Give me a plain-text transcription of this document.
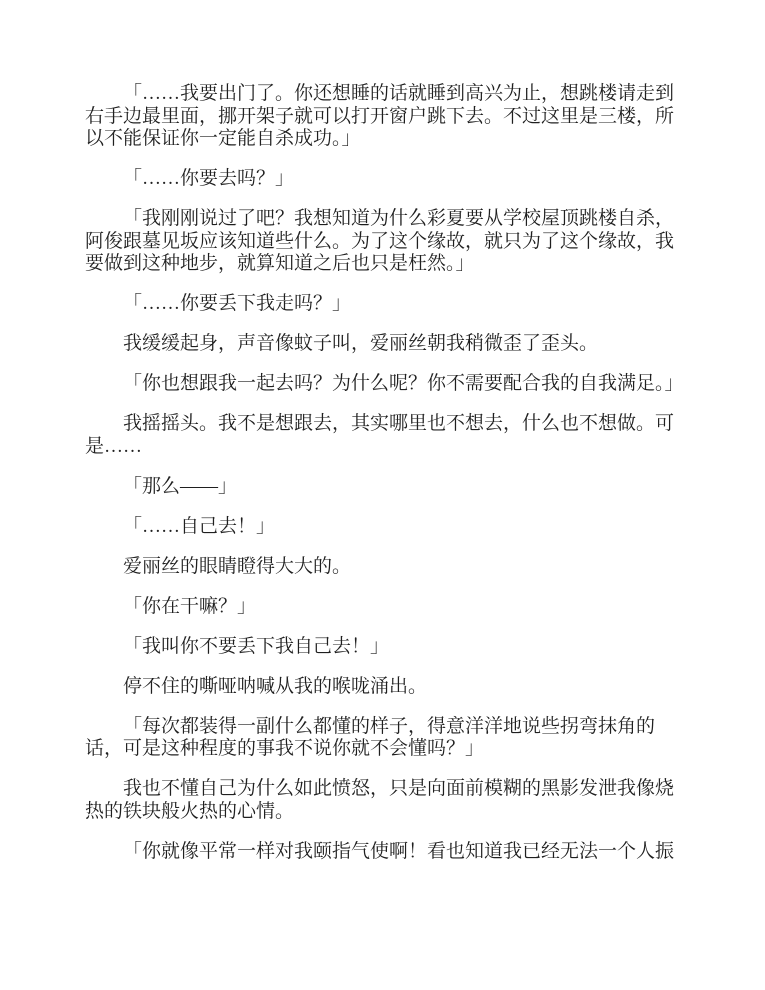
「……我要出门了。你还想睡的话就睡到高兴为止，想跳楼请走到右手边最里面，挪开架子就可以打开窗户跳下去。不过这里是三楼，所以不能保证你一定能自杀成功。」

「……你要去吗？」

「我刚刚说过了吧？我想知道为什么彩夏要从学校屋顶跳楼自杀，阿俊跟墓见坂应该知道些什么。为了这个缘故，就只为了这个缘故，我要做到这种地步，就算知道之后也只是枉然。」

「……你要丢下我走吗？」

我缓缓起身，声音像蚊子叫，爱丽丝朝我稍微歪了歪头。

「你也想跟我一起去吗？为什么呢？你不需要配合我的自我满足。」

我摇摇头。我不是想跟去，其实哪里也不想去，什么也不想做。可是……

「那么——」

「……自己去！」

爱丽丝的眼睛瞪得大大的。

「你在干嘛？」

「我叫你不要丢下我自己去！」

停不住的嘶哑呐喊从我的喉咙涌出。

「每次都装得一副什么都懂的样子，得意洋洋地说些拐弯抹角的话，可是这种程度的事我不说你就不会懂吗？」

我也不懂自己为什么如此愤怒，只是向面前模糊的黑影发泄我像烧热的铁块般火热的心情。

「你就像平常一样对我颐指气使啊！看也知道我已经无法一个人振
